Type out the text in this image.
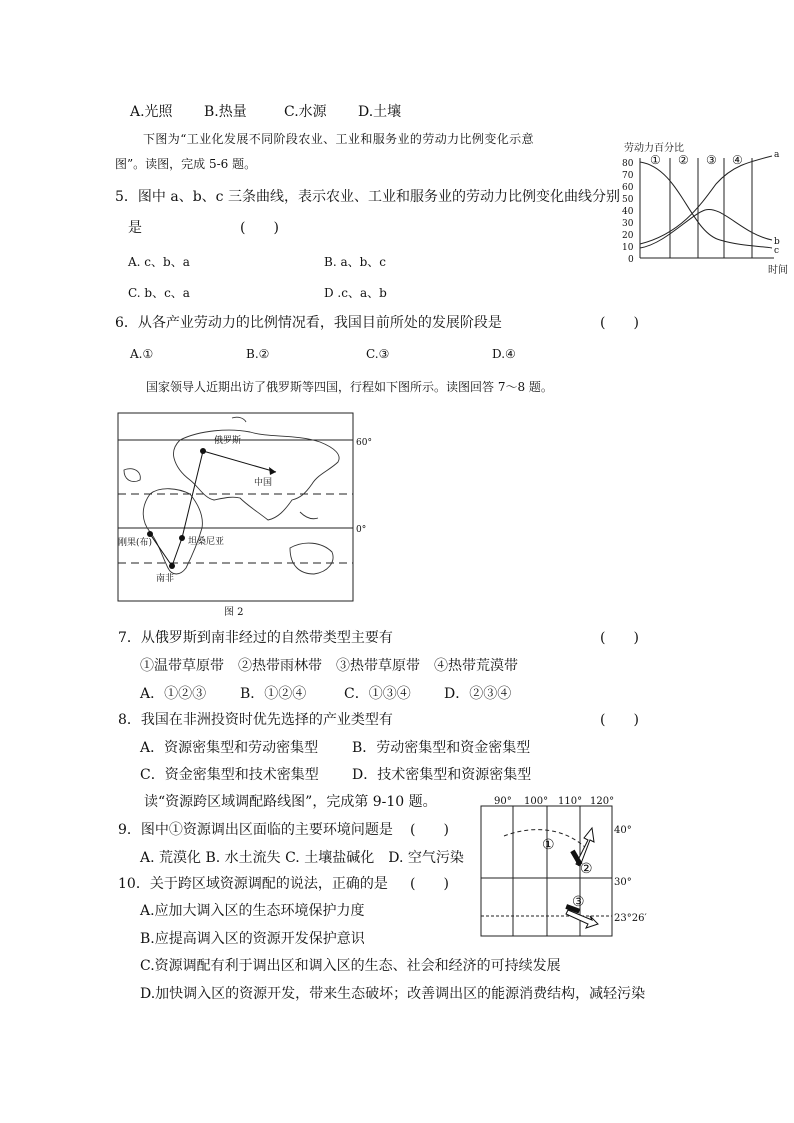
A.光照 B.热量	C.水源 D.土壤
下图为“工业化发展不同阶段农业、工业和服务业的劳动力比例变化示意
图”。读图，完成 5-6 题。
5．图中 a、b、c 三条曲线，表示农业、工业和服务业的劳动力比例变化曲线分别
是	(　　)
A. c、b、a	B. a、b、c
C. b、c、a	D .c、a、b
6．从各产业劳动力的比例情况看，我国目前所处的发展阶段是	(　　)
A.①	B.②	C.③	D.④
国家领导人近期出访了俄罗斯等四国，行程如下图所示。读图回答 7～8 题。
劳动力百分比
时间
80
70
60
50
40
30
20
10
0
① ② ③ ④	a
b
c
俄罗斯
中国
坦桑尼亚
刚果(布)
南非
60°
0°
图 2
7．从俄罗斯到南非经过的自然带类型主要有	(　　)
①温带草原带　②热带雨林带　③热带草原带　④热带荒漠带
A．①②③ B．①②④	C．①③④ D．②③④
8．我国在非洲投资时优先选择的产业类型有	(　　)
A．资源密集型和劳动密集型 B．劳动密集型和资金密集型
C．资金密集型和技术密集型 D．技术密集型和资源密集型
读“资源跨区域调配路线图”，完成第 9-10 题。
9．图中①资源调出区面临的主要环境问题是 (　　)
A. 荒漠化 B. 水土流失 C. 土壤盐碱化　D. 空气污染
10．关于跨区域资源调配的说法，正确的是 (　　)
A.应加大调入区的生态环境保护力度
B.应提高调入区的资源开发保护意识
C.资源调配有利于调出区和调入区的生态、社会和经济的可持续发展
D.加快调入区的资源开发，带来生态破坏；改善调出区的能源消费结构，减轻污染
90° 100° 110° 120°
40°
30°
23°26′
①
②
③
